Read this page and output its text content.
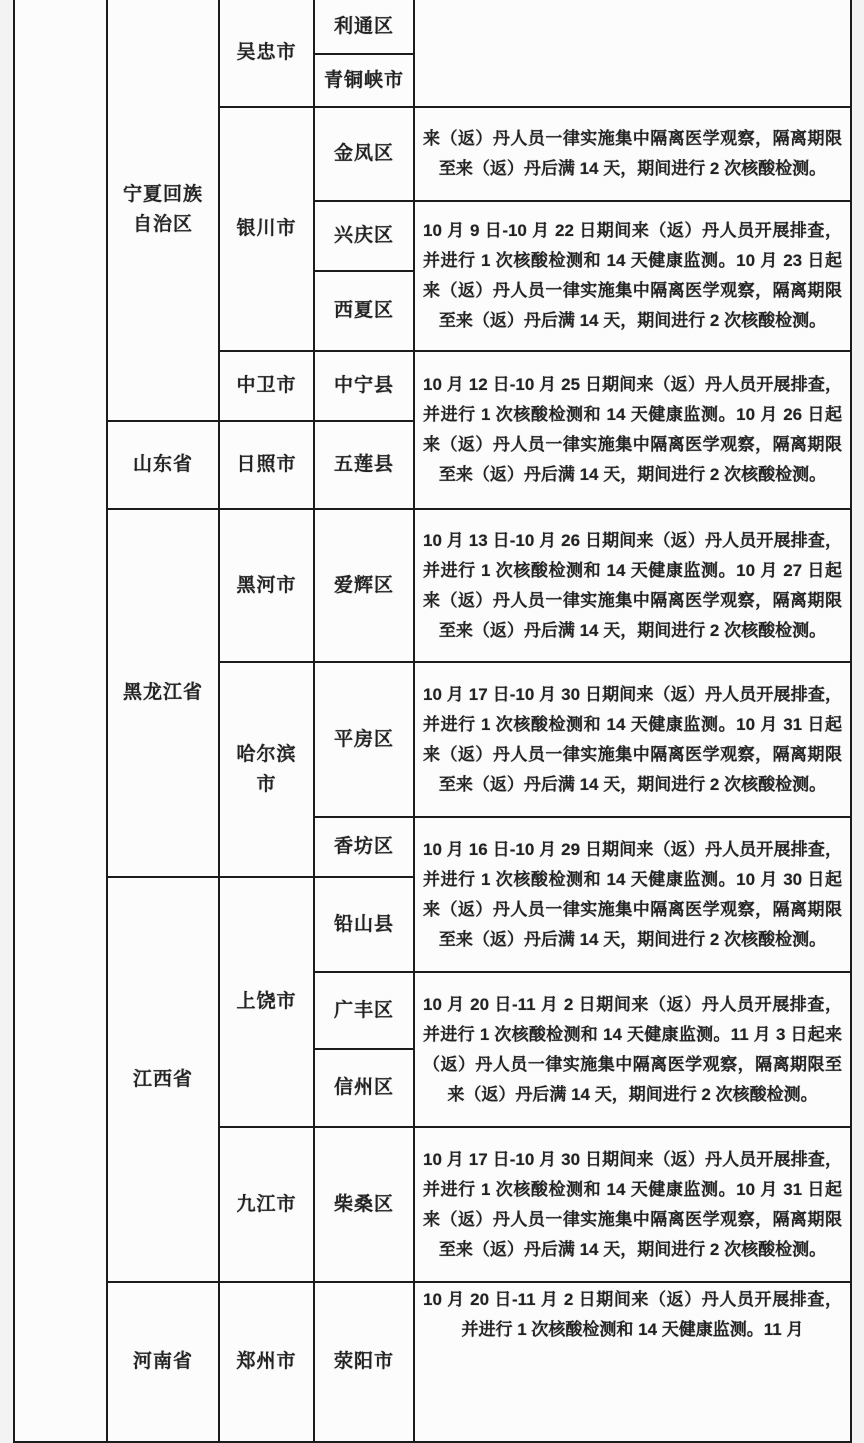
	宁夏回族自治区	吴忠市	利通区	
			青铜峡市	
		银川市	金凤区	来（返）丹人员一律实施集中隔离医学观察，隔离期限至来（返）丹后满 14 天，期间进行 2 次核酸检测。
			兴庆区	10 月 9 日-10 月 22 日期间来（返）丹人员开展排查，并进行 1 次核酸检测和 14 天健康监测。10 月 23 日起来（返）丹人员一律实施集中隔离医学观察，隔离期限至来（返）丹后满 14 天，期间进行 2 次核酸检测。
			西夏区	
		中卫市	中宁县	10 月 12 日-10 月 25 日期间来（返）丹人员开展排查，并进行 1 次核酸检测和 14 天健康监测。10 月 26 日起来（返）丹人员一律实施集中隔离医学观察，隔离期限至来（返）丹后满 14 天，期间进行 2 次核酸检测。
	山东省	日照市	五莲县	
	黑龙江省	黑河市	爱辉区	10 月 13 日-10 月 26 日期间来（返）丹人员开展排查，并进行 1 次核酸检测和 14 天健康监测。10 月 27 日起来（返）丹人员一律实施集中隔离医学观察，隔离期限至来（返）丹后满 14 天，期间进行 2 次核酸检测。
		哈尔滨市	平房区	10 月 17 日-10 月 30 日期间来（返）丹人员开展排查，并进行 1 次核酸检测和 14 天健康监测。10 月 31 日起来（返）丹人员一律实施集中隔离医学观察，隔离期限至来（返）丹后满 14 天，期间进行 2 次核酸检测。
			香坊区	10 月 16 日-10 月 29 日期间来（返）丹人员开展排查，并进行 1 次核酸检测和 14 天健康监测。10 月 30 日起来（返）丹人员一律实施集中隔离医学观察，隔离期限至来（返）丹后满 14 天，期间进行 2 次核酸检测。
	江西省	上饶市	铅山县	
			广丰区	10 月 20 日-11 月 2 日期间来（返）丹人员开展排查，并进行 1 次核酸检测和 14 天健康监测。11 月 3 日起来（返）丹人员一律实施集中隔离医学观察，隔离期限至来（返）丹后满 14 天，期间进行 2 次核酸检测。
			信州区	
		九江市	柴桑区	10 月 17 日-10 月 30 日期间来（返）丹人员开展排查，并进行 1 次核酸检测和 14 天健康监测。10 月 31 日起来（返）丹人员一律实施集中隔离医学观察，隔离期限至来（返）丹后满 14 天，期间进行 2 次核酸检测。
	河南省	郑州市	荥阳市	10 月 20 日-11 月 2 日期间来（返）丹人员开展排查，并进行 1 次核酸检测和 14 天健康监测。11 月
